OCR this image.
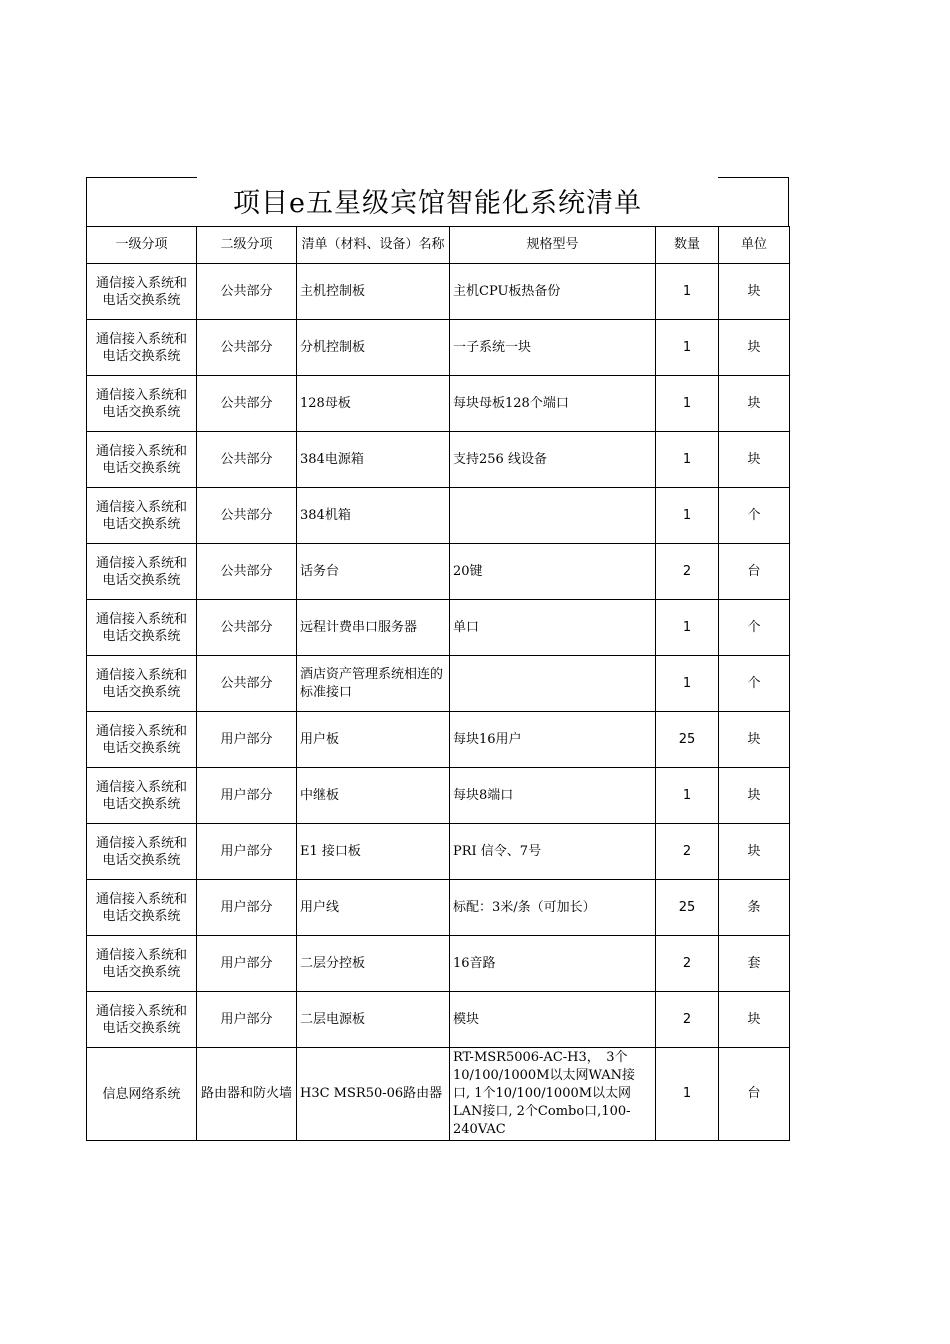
项目e五星级宾馆智能化系统清单
一级分项	二级分项	清单（材料、设备）名称	规格型号	数量	单位
通信接入系统和电话交换系统	公共部分	主机控制板	主机CPU板热备份	1	块
通信接入系统和电话交换系统	公共部分	分机控制板	一子系统一块	1	块
通信接入系统和电话交换系统	公共部分	128母板	每块母板128个端口	1	块
通信接入系统和电话交换系统	公共部分	384电源箱	支持256 线设备	1	块
通信接入系统和电话交换系统	公共部分	384机箱		1	个
通信接入系统和电话交换系统	公共部分	话务台	20键	2	台
通信接入系统和电话交换系统	公共部分	远程计费串口服务器	单口	1	个
通信接入系统和电话交换系统	公共部分	酒店资产管理系统相连的标准接口		1	个
通信接入系统和电话交换系统	用户部分	用户板	每块16用户	25	块
通信接入系统和电话交换系统	用户部分	中继板	每块8端口	1	块
通信接入系统和电话交换系统	用户部分	E1 接口板	PRI 信令、7号	2	块
通信接入系统和电话交换系统	用户部分	用户线	标配：3米/条（可加长）	25	条
通信接入系统和电话交换系统	用户部分	二层分控板	16音路	2	套
通信接入系统和电话交换系统	用户部分	二层电源板	模块	2	块
信息网络系统	路由器和防火墙	H3C MSR50-06路由器	RT-MSR5006-AC-H3，　3个10/100/1000M以太网WAN接口, 1个10/100/1000M以太网LAN接口, 2个Combo口,100-240VAC	1	台
